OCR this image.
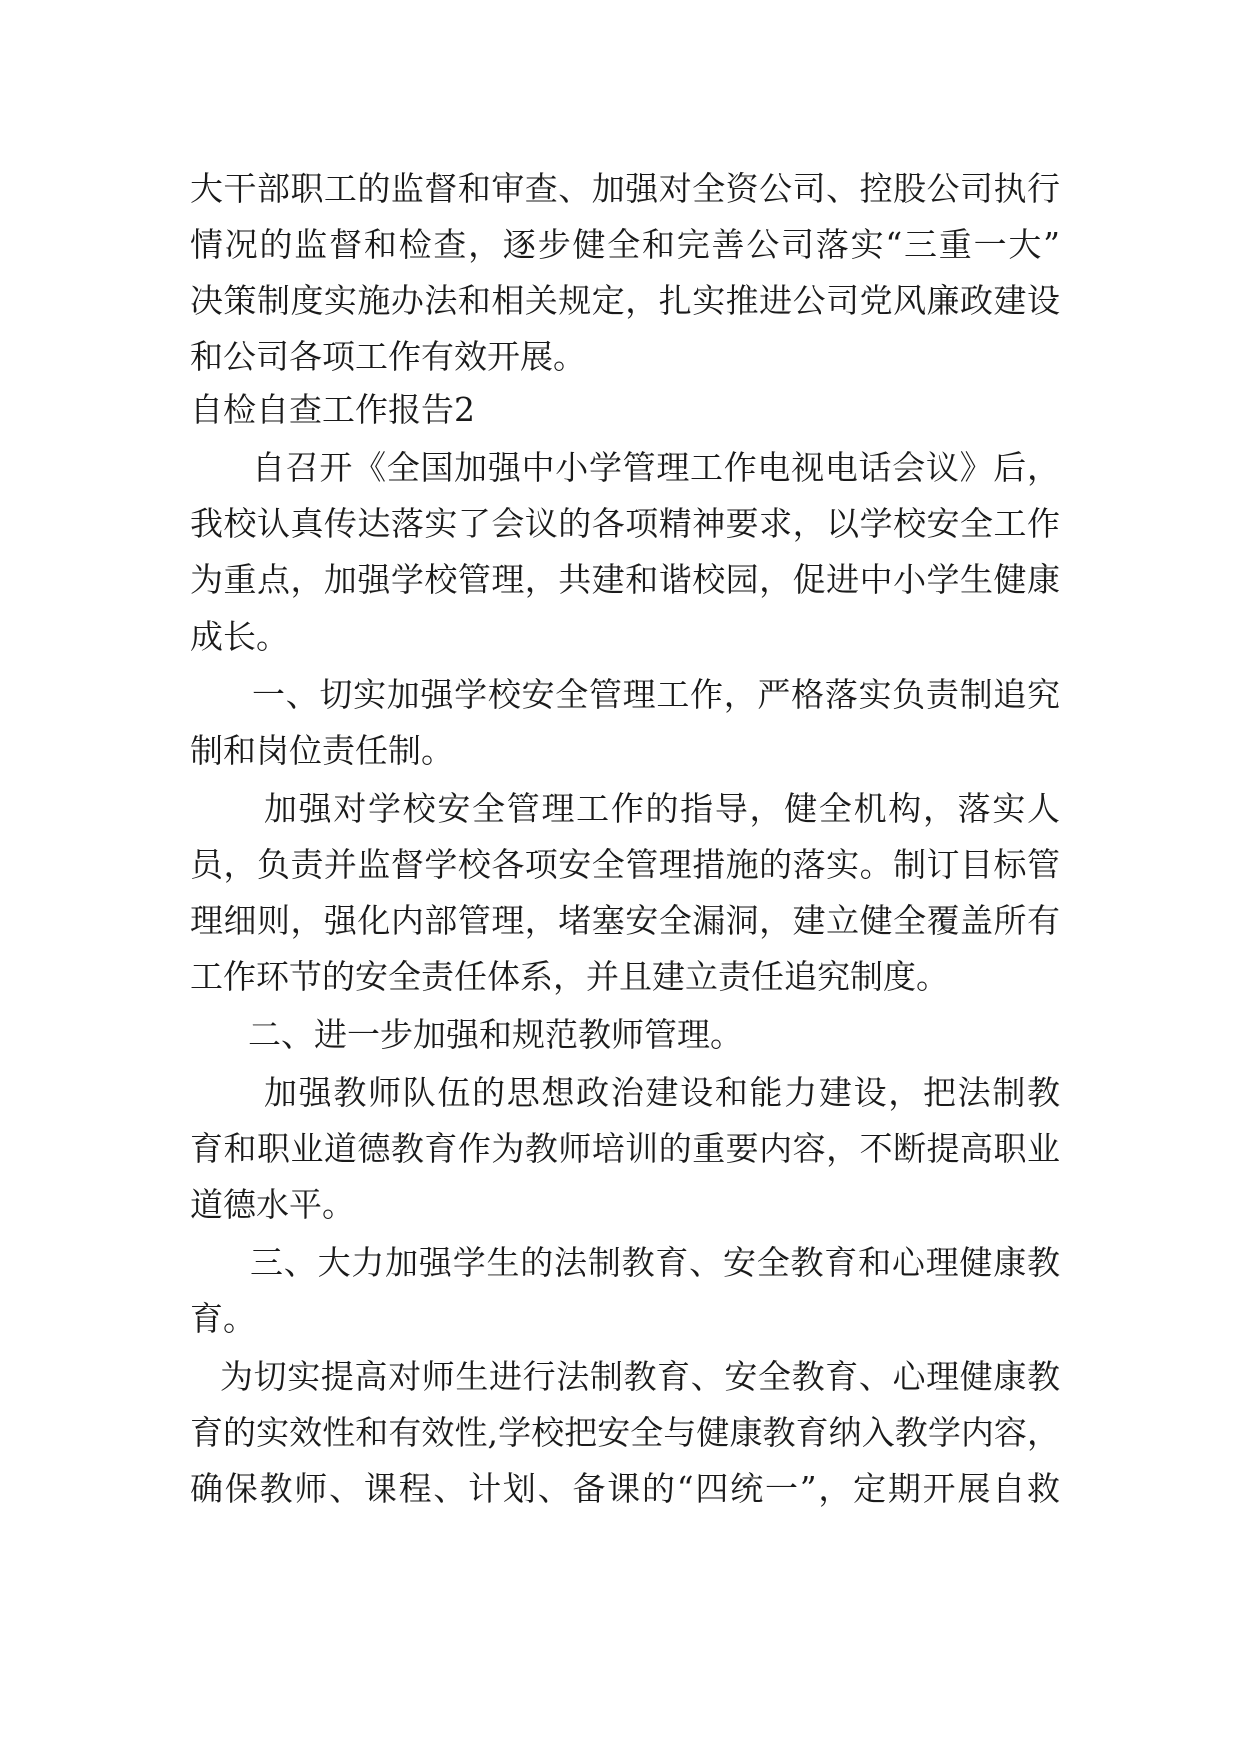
大干部职工的监督和审查、加强对全资公司、控股公司执行
情况的监督和检查，逐步健全和完善公司落实“三重一大”
决策制度实施办法和相关规定，扎实推进公司党风廉政建设
和公司各项工作有效开展。
自检自查工作报告2
自召开《全国加强中小学管理工作电视电话会议》后，
我校认真传达落实了会议的各项精神要求，以学校安全工作
为重点，加强学校管理，共建和谐校园，促进中小学生健康
成长。
一、切实加强学校安全管理工作，严格落实负责制追究
制和岗位责任制。
加强对学校安全管理工作的指导，健全机构，落实人
员，负责并监督学校各项安全管理措施的落实。制订目标管
理细则，强化内部管理，堵塞安全漏洞，建立健全覆盖所有
工作环节的安全责任体系，并且建立责任追究制度。
二、进一步加强和规范教师管理。
加强教师队伍的思想政治建设和能力建设，把法制教
育和职业道德教育作为教师培训的重要内容，不断提高职业
道德水平。
三、大力加强学生的法制教育、安全教育和心理健康教
育。
为切实提高对师生进行法制教育、安全教育、心理健康教
育的实效性和有效性,学校把安全与健康教育纳入教学内容，
确保教师、课程、计划、备课的“四统一”，定期开展自救
